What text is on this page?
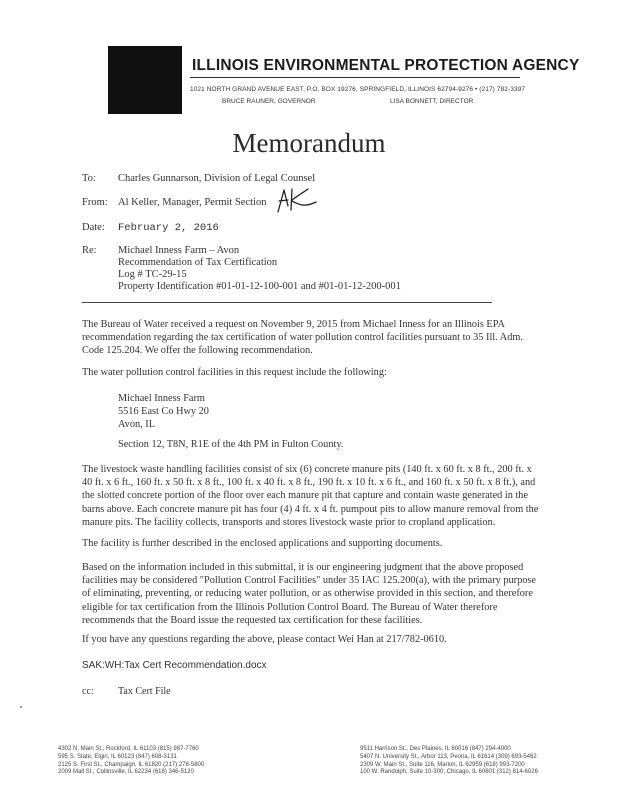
ILLINOIS ENVIRONMENTAL PROTECTION AGENCY
1021 NORTH GRAND AVENUE EAST, P.O. BOX 19276, SPRINGFIELD, ILLINOIS 62794-9276 • (217) 782-3397
BRUCE RAUNER, GOVERNOR	LISA BONNETT, DIRECTOR
Memorandum
To: Charles Gunnarson, Division of Legal Counsel
From: Al Keller, Manager, Permit Section
Date: February 2, 2016
Re: Michael Inness Farm – Avon
Recommendation of Tax Certification
Log # TC-29-15
Property Identification #01-01-12-100-001 and #01-01-12-200-001
The Bureau of Water received a request on November 9, 2015 from Michael Inness for an Illinois EPA
recommendation regarding the tax certification of water pollution control facilities pursuant to 35 Ill. Adm.
Code 125.204. We offer the following recommendation.
The water pollution control facilities in this request include the following:
Michael Inness Farm
5516 East Co Hwy 20
Avon, IL
Section 12, T8N, R1E of the 4th PM in Fulton County.
The livestock waste handling facilities consist of six (6) concrete manure pits (140 ft. x 60 ft. x 8 ft., 200 ft. x
40 ft. x 6 ft., 160 ft. x 50 ft. x 8 ft., 100 ft. x 40 ft. x 8 ft., 190 ft. x 10 ft. x 6 ft., and 160 ft. x 50 ft. x 8 ft.), and
the slotted concrete portion of the floor over each manure pit that capture and contain waste generated in the
barns above. Each concrete manure pit has four (4) 4 ft. x 4 ft. pumpout pits to allow manure removal from the
manure pits. The facility collects, transports and stores livestock waste prior to cropland application.
The facility is further described in the enclosed applications and supporting documents.
Based on the information included in this submittal, it is our engineering judgment that the above proposed
facilities may be considered "Pollution Control Facilities" under 35 IAC 125.200(a), with the primary purpose
of eliminating, preventing, or reducing water pollution, or as otherwise provided in this section, and therefore
eligible for tax certification from the Illinois Pollution Control Board. The Bureau of Water therefore
recommends that the Board issue the requested tax certification for these facilities.
If you have any questions regarding the above, please contact Wei Han at 217/782-0610.
SAK:WH:Tax Cert Recommendation.docx
cc: Tax Cert File
4302 N. Main St., Rockford, IL 61103 (815) 987-7760
595 S. State, Elgin, IL 60123 (847) 608-3131
2125 S. First St., Champaign, IL 61820 (217) 278-5800
2009 Mall St., Collinsville, IL 62234 (618) 346-5120
9511 Harrison St., Des Plaines, IL 60016 (847) 294-4000
5407 N. University St., Arbor 113, Peoria, IL 61614 (309) 693-5462
2309 W. Main St., Suite 116, Marion, IL 62959 (618) 993-7200
100 W. Randolph, Suite 10-300, Chicago, IL 60601 (312) 814-6026
